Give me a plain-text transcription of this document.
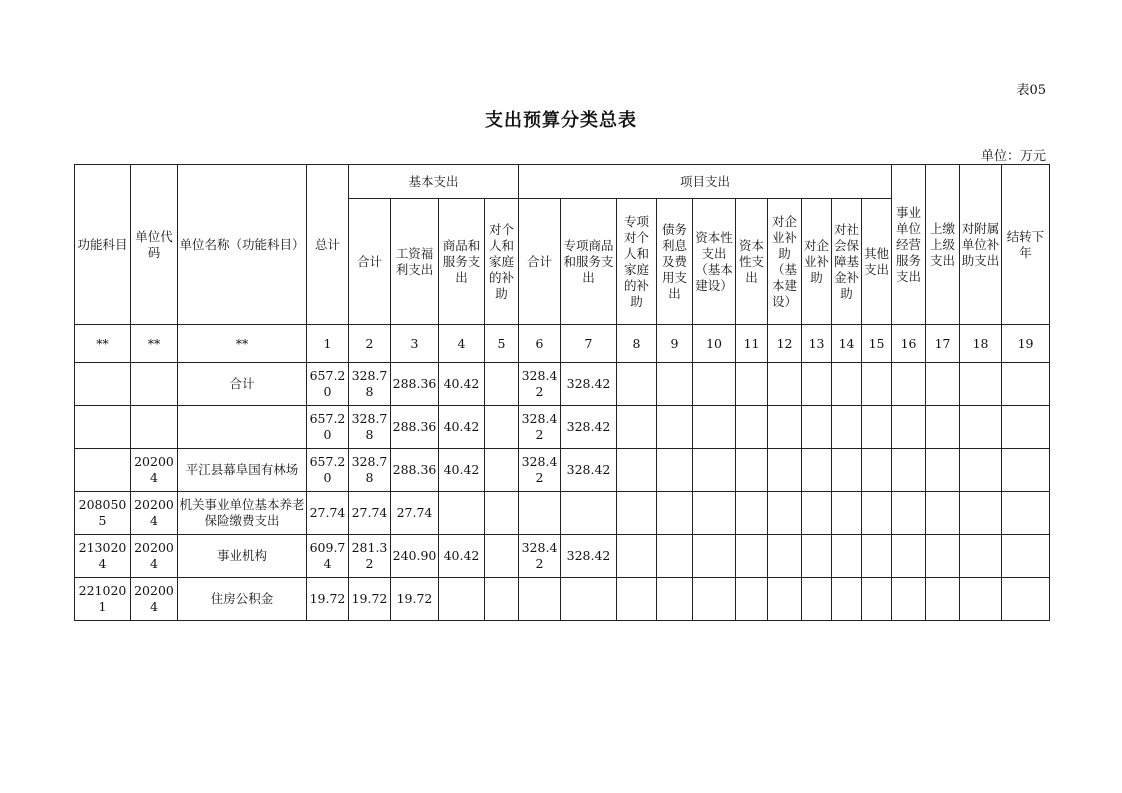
表05
支出预算分类总表
单位：万元
功能科目	单位代码	单位名称（功能科目）	总计	基本支出				项目支出										事业单位经营服务支出	上缴上级支出	对附属单位补助支出	结转下年
				合计	工资福利支出	商品和服务支出	对个人和家庭的补助	合计	专项商品和服务支出	专项对个人和家庭的补助	债务利息及费用支出	资本性支出（基本建设）	资本性支出	对企业补助（基本建设）	对企业补助	对社会保障基金补助	其他支出				
**	**	**	1	2	3	4	5	6	7	8	9	10	11	12	13	14	15	16	17	18	19
		合计	657.20	328.78	288.36	40.42		328.42	328.42												
			657.20	328.78	288.36	40.42		328.42	328.42												
	202004	平江县幕阜国有林场	657.20	328.78	288.36	40.42		328.42	328.42												
2080505	202004	机关事业单位基本养老保险缴费支出	27.74	27.74	27.74																
2130204	202004	事业机构	609.74	281.32	240.90	40.42		328.42	328.42												
2210201	202004	住房公积金	19.72	19.72	19.72																
